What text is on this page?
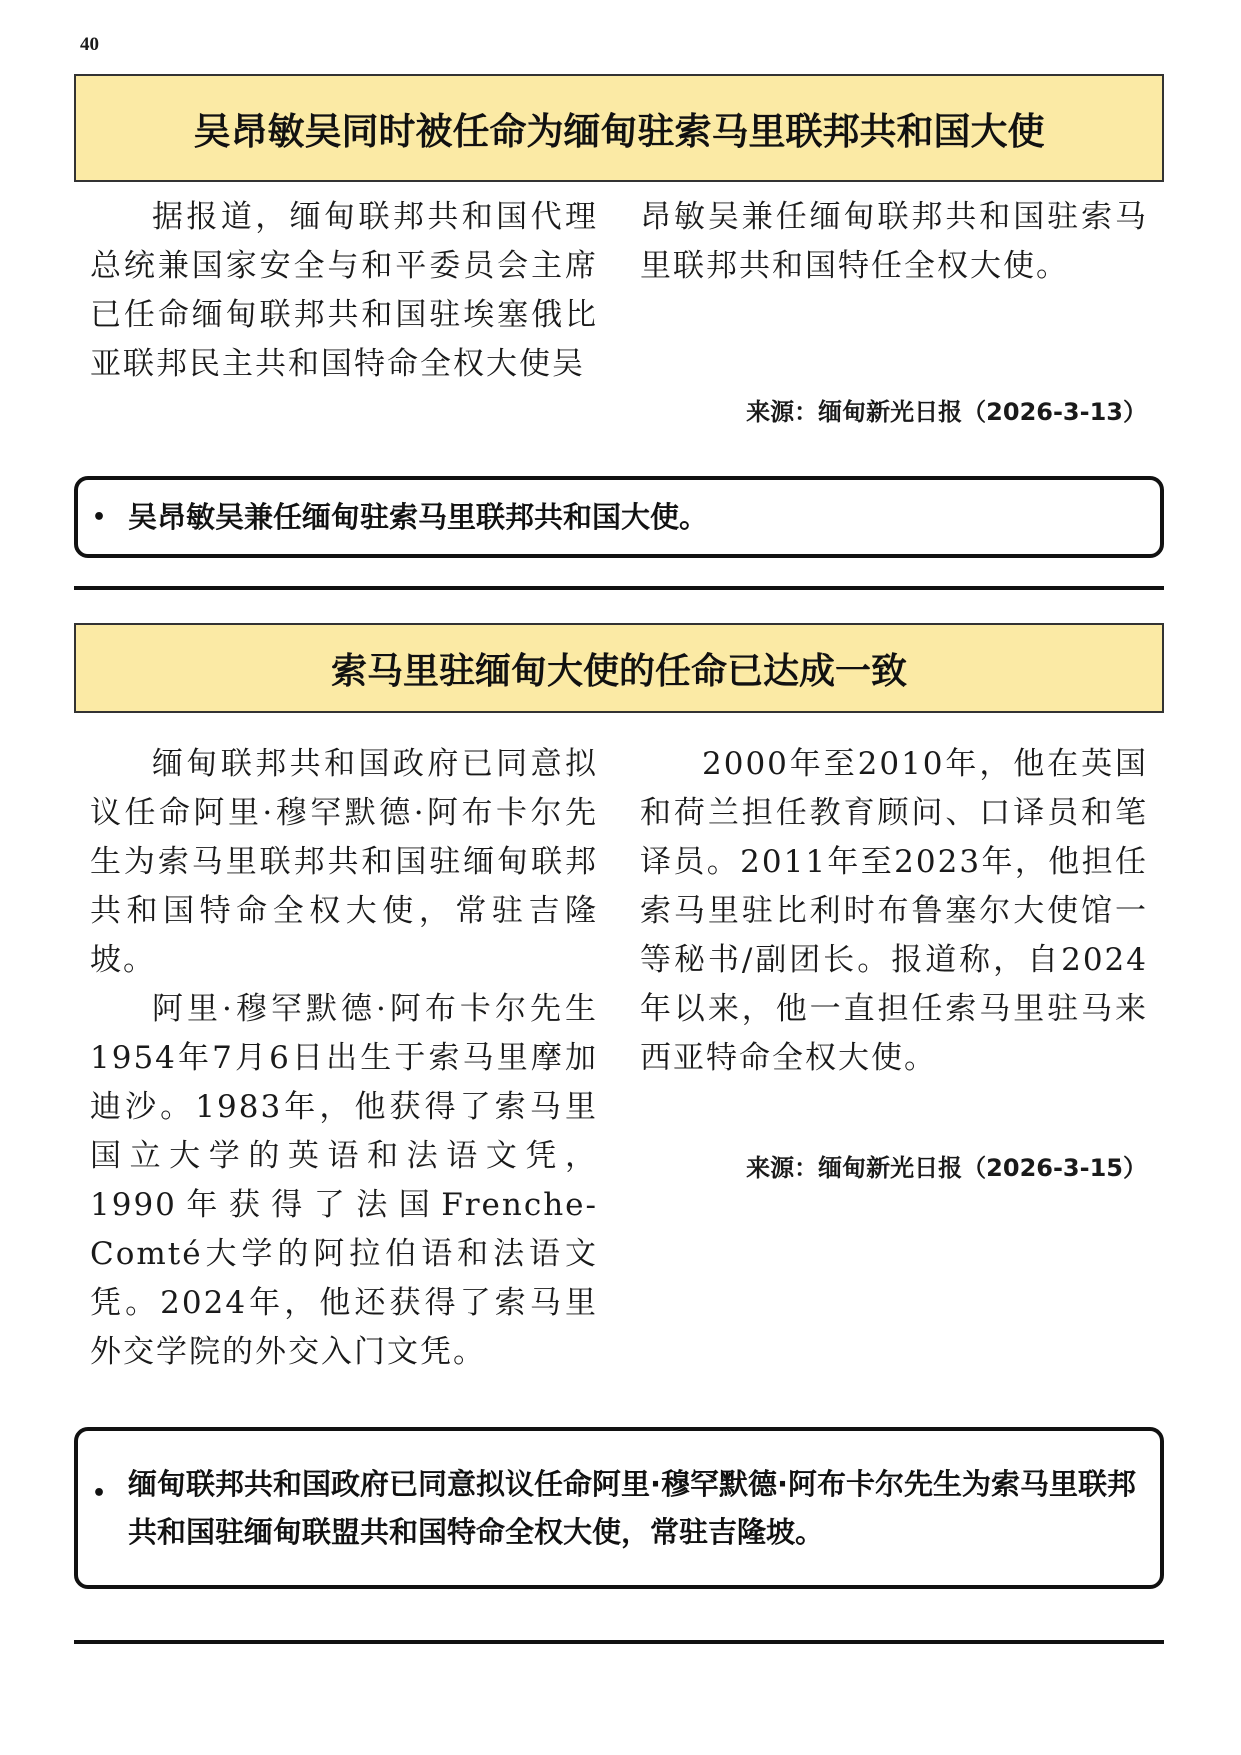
40
吴昂敏吴同时被任命为缅甸驻索马里联邦共和国大使

据报道，缅甸联邦共和国代理总统兼国家安全与和平委员会主席已任命缅甸联邦共和国驻埃塞俄比亚联邦民主共和国特命全权大使吴

昂敏吴兼任缅甸联邦共和国驻索马里联邦共和国特任全权大使。

来源：缅甸新光日报（2026-3-13）
• 吴昂敏吴兼任缅甸驻索马里联邦共和国大使。
索马里驻缅甸大使的任命已达成一致

缅甸联邦共和国政府已同意拟议任命阿里·穆罕默德·阿布卡尔先生为索马里联邦共和国驻缅甸联邦共和国特命全权大使，常驻吉隆坡。

阿里·穆罕默德·阿布卡尔先生1954年7月6日出生于索马里摩加迪沙。1983年，他获得了索马里国立大学的英语和法语文凭，1990年获得了法国Frenche-Comté大学的阿拉伯语和法语文凭。2024年，他还获得了索马里外交学院的外交入门文凭。

2000年至2010年，他在英国和荷兰担任教育顾问、口译员和笔译员。2011年至2023年，他担任索马里驻比利时布鲁塞尔大使馆一等秘书/副团长。报道称，自2024年以来，他一直担任索马里驻马来西亚特命全权大使。

来源：缅甸新光日报（2026-3-15）
• 缅甸联邦共和国政府已同意拟议任命阿里·穆罕默德·阿布卡尔先生为索马里联邦共和国驻缅甸联盟共和国特命全权大使，常驻吉隆坡。
